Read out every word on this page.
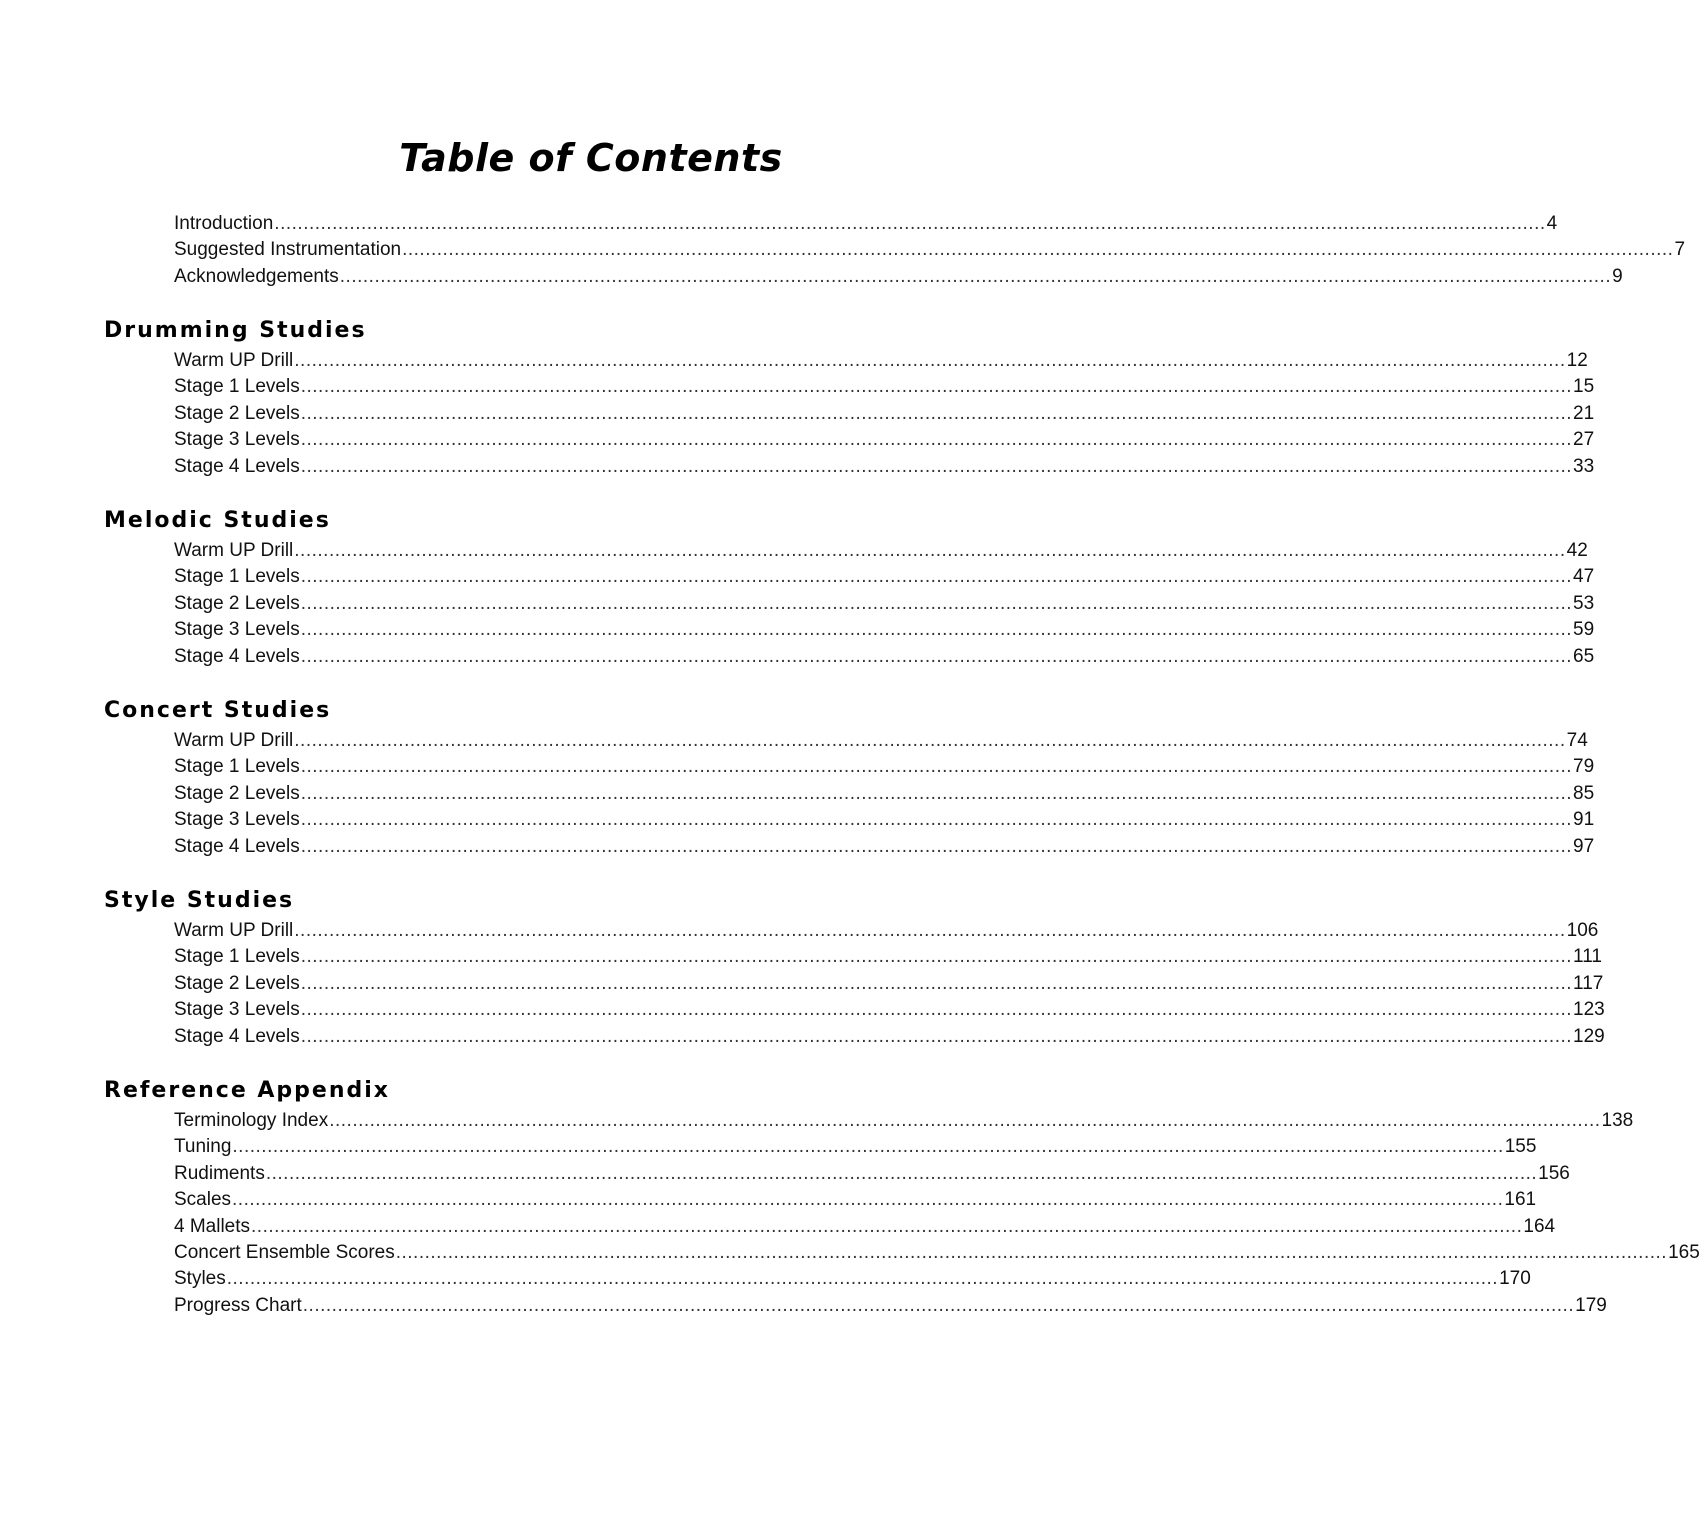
Table of Contents
Introduction ............................................................................................................................................................................................................................ 4
Suggested Instrumentation ............................................................................................................................................................................................................................ 7
Acknowledgements ............................................................................................................................................................................................................................ 9
Drumming Studies
Warm UP Drill ............................................................................................................................................................................................................................ 12
Stage 1 Levels ............................................................................................................................................................................................................................ 15
Stage 2 Levels ............................................................................................................................................................................................................................ 21
Stage 3 Levels ............................................................................................................................................................................................................................ 27
Stage 4 Levels ............................................................................................................................................................................................................................ 33
Melodic Studies
Warm UP Drill ............................................................................................................................................................................................................................ 42
Stage 1 Levels ............................................................................................................................................................................................................................ 47
Stage 2 Levels ............................................................................................................................................................................................................................ 53
Stage 3 Levels ............................................................................................................................................................................................................................ 59
Stage 4 Levels ............................................................................................................................................................................................................................ 65
Concert Studies
Warm UP Drill ............................................................................................................................................................................................................................ 74
Stage 1 Levels ............................................................................................................................................................................................................................ 79
Stage 2 Levels ............................................................................................................................................................................................................................ 85
Stage 3 Levels ............................................................................................................................................................................................................................ 91
Stage 4 Levels ............................................................................................................................................................................................................................ 97
Style Studies
Warm UP Drill ............................................................................................................................................................................................................................ 106
Stage 1 Levels ............................................................................................................................................................................................................................ 111
Stage 2 Levels ............................................................................................................................................................................................................................ 117
Stage 3 Levels ............................................................................................................................................................................................................................ 123
Stage 4 Levels ............................................................................................................................................................................................................................ 129
Reference Appendix
Terminology Index ............................................................................................................................................................................................................................ 138
Tuning ............................................................................................................................................................................................................................ 155
Rudiments ............................................................................................................................................................................................................................ 156
Scales ............................................................................................................................................................................................................................ 161
4 Mallets ............................................................................................................................................................................................................................ 164
Concert Ensemble Scores ............................................................................................................................................................................................................................ 165
Styles ............................................................................................................................................................................................................................ 170
Progress Chart ............................................................................................................................................................................................................................ 179
